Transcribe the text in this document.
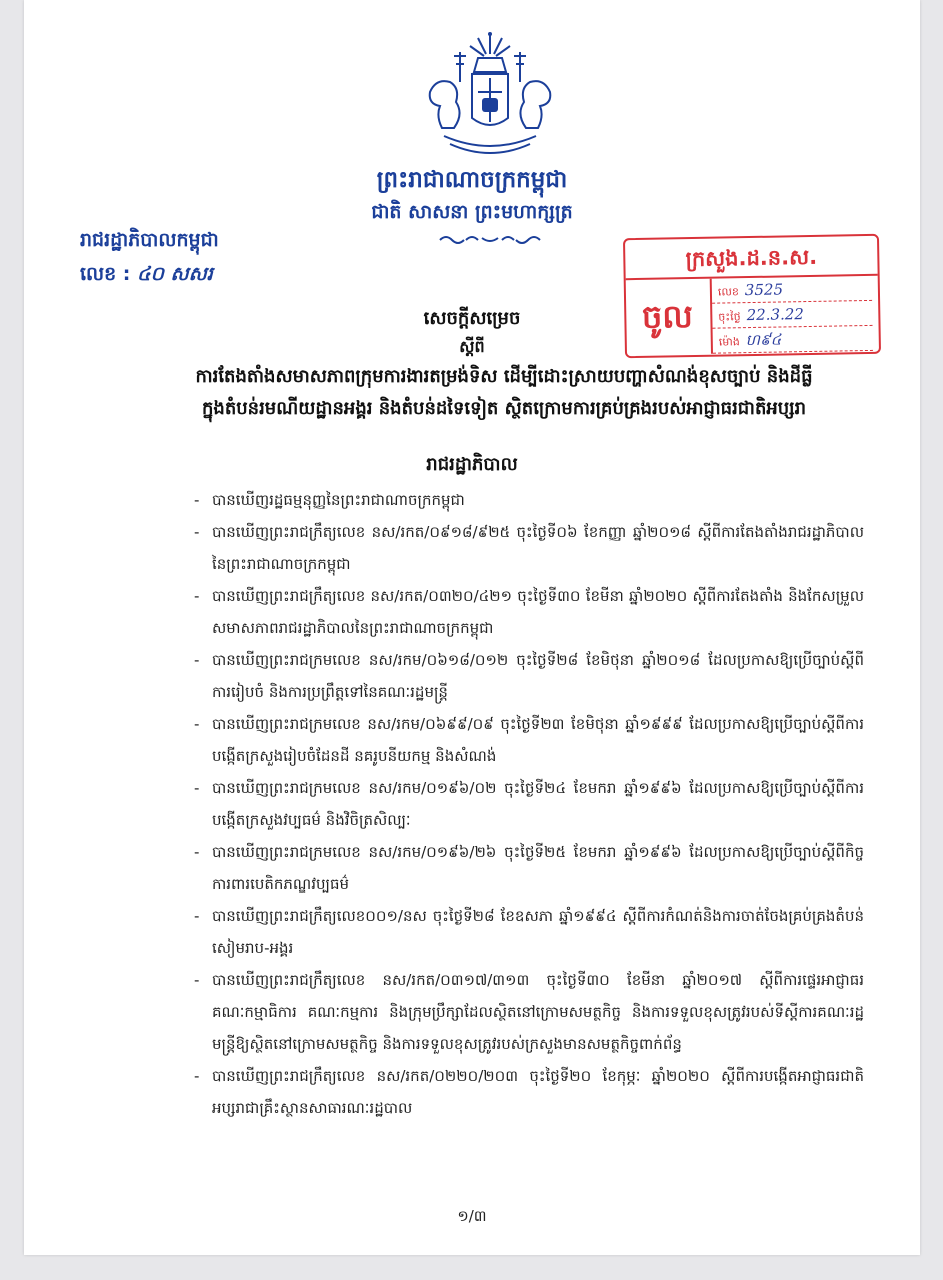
ព្រះរាជាណាចក្រកម្ពុជា
ជាតិ សាសនា ព្រះមហាក្សត្រ
រាជរដ្ឋាភិបាលកម្ពុជា
លេខ : ៤០ សសរ
ក្រសួង.ដ.ន.ស.
ចូល
លេខ 3525
ចុះថ្ងៃ 22.3.22
ម៉ោង ហ៩៤
សេចក្តីសម្រេច
ស្តីពី
ការតែងតាំងសមាសភាពក្រុមការងារតម្រង់ទិស ដើម្បីដោះស្រាយបញ្ហាសំណង់ខុសច្បាប់ និងដីធ្លី
ក្នុងតំបន់រមណីយដ្ឋានអង្គរ និងតំបន់ដទៃទៀត ស្ថិតក្រោមការគ្រប់គ្រងរបស់អាជ្ញាធរជាតិអប្សរា
រាជរដ្ឋាភិបាល
- បានឃើញរដ្ឋធម្មនុញ្ញនៃព្រះរាជាណាចក្រកម្ពុជា
- បានឃើញព្រះរាជក្រឹត្យលេខ នស/រកត/០៩១៨/៩២៥ ចុះថ្ងៃទី០៦ ខែកញ្ញា ឆ្នាំ២០១៨ ស្តីពីការតែងតាំងរាជរដ្ឋាភិបាលនៃព្រះរាជាណាចក្រកម្ពុជា
- បានឃើញព្រះរាជក្រឹត្យលេខ នស/រកត/០៣២០/៤២១ ចុះថ្ងៃទី៣០ ខែមីនា ឆ្នាំ២០២០ ស្តីពីការតែងតាំង និងកែសម្រួលសមាសភាពរាជរដ្ឋាភិបាលនៃព្រះរាជាណាចក្រកម្ពុជា
- បានឃើញព្រះរាជក្រមលេខ នស/រកម/០៦១៨/០១២ ចុះថ្ងៃទី២៨ ខែមិថុនា ឆ្នាំ២០១៨ ដែលប្រកាសឱ្យប្រើច្បាប់ស្តីពីការរៀបចំ និងការប្រព្រឹត្តទៅនៃគណៈរដ្ឋមន្ត្រី
- បានឃើញព្រះរាជក្រមលេខ នស/រកម/០៦៩៩/០៩ ចុះថ្ងៃទី២៣ ខែមិថុនា ឆ្នាំ១៩៩៩ ដែលប្រកាសឱ្យប្រើច្បាប់ស្តីពីការបង្កើតក្រសួងរៀបចំដែនដី នគរូបនីយកម្ម និងសំណង់
- បានឃើញព្រះរាជក្រមលេខ នស/រកម/០១៩៦/០២ ចុះថ្ងៃទី២៤ ខែមករា ឆ្នាំ១៩៩៦ ដែលប្រកាសឱ្យប្រើច្បាប់ស្តីពីការបង្កើតក្រសួងវប្បធម៌ និងវិចិត្រសិល្បៈ
- បានឃើញព្រះរាជក្រមលេខ នស/រកម/០១៩៦/២៦ ចុះថ្ងៃទី២៥ ខែមករា ឆ្នាំ១៩៩៦ ដែលប្រកាសឱ្យប្រើច្បាប់ស្តីពីកិច្ចការពារបេតិកភណ្ឌវប្បធម៌
- បានឃើញព្រះរាជក្រឹត្យលេខ០០១/នស ចុះថ្ងៃទី២៨ ខែឧសភា ឆ្នាំ១៩៩៤ ស្តីពីការកំណត់និងការចាត់ចែងគ្រប់គ្រងតំបន់សៀមរាប-អង្គរ
- បានឃើញព្រះរាជក្រឹត្យលេខ នស/រកត/០៣១៧/៣១៣ ចុះថ្ងៃទី៣០ ខែមីនា ឆ្នាំ២០១៧ ស្តីពីការផ្ទេរអាជ្ញាធរ គណៈកម្មាធិការ គណៈកម្មការ និងក្រុមប្រឹក្សាដែលស្ថិតនៅក្រោមសមត្ថកិច្ច និងការទទួលខុសត្រូវរបស់ទីស្តីការគណៈរដ្ឋមន្ត្រីឱ្យស្ថិតនៅក្រោមសមត្ថកិច្ច និងការទទួលខុសត្រូវរបស់ក្រសួងមានសមត្ថកិច្ចពាក់ព័ន្ធ
- បានឃើញព្រះរាជក្រឹត្យលេខ នស/រកត/០២២០/២០៣ ចុះថ្ងៃទី២០ ខែកុម្ភៈ ឆ្នាំ២០២០ ស្តីពីការបង្កើតអាជ្ញាធរជាតិអប្សរាជាគ្រឹះស្ថានសាធារណៈរដ្ឋបាល
១/៣
